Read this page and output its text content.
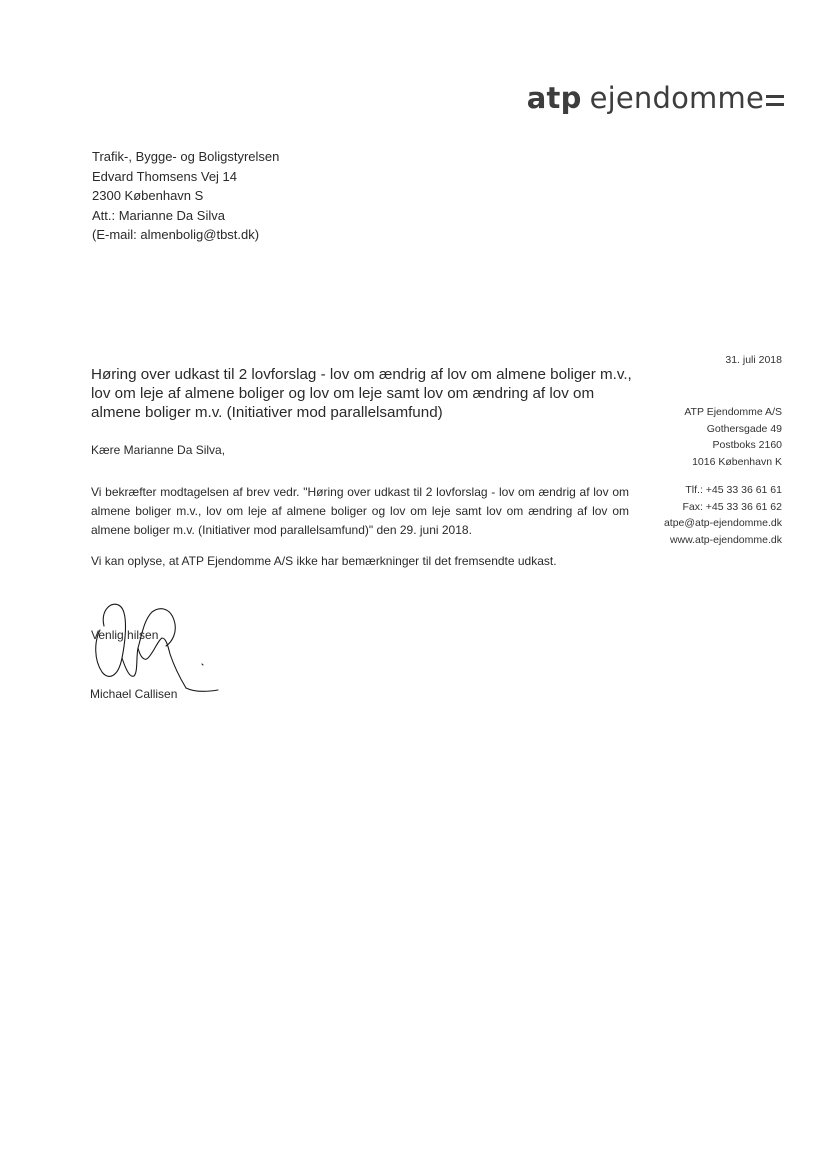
atp ejendomme
Trafik-, Bygge- og Boligstyrelsen
Edvard Thomsens Vej 14
2300 København S
Att.: Marianne Da Silva
(E-mail: almenbolig@tbst.dk)
31. juli 2018
ATP Ejendomme A/S
Gothersgade 49
Postboks 2160
1016 København K
Tlf.: +45 33 36 61 61
Fax: +45 33 36 61 62
atpe@atp-ejendomme.dk
www.atp-ejendomme.dk
Høring over udkast til 2 lovforslag - lov om ændrig af lov om almene boliger m.v., lov om leje af almene boliger og lov om leje samt lov om ændring af lov om almene boliger m.v. (Initiativer mod parallelsamfund)
Kære Marianne Da Silva,
Vi bekræfter modtagelsen af brev vedr. "Høring over udkast til 2 lovforslag - lov om ændrig af lov om almene boliger m.v., lov om leje af almene boliger og lov om leje samt lov om ændring af lov om almene boliger m.v. (Initiativer mod parallelsamfund)" den 29. juni 2018.
Vi kan oplyse, at ATP Ejendomme A/S ikke har bemærkninger til det fremsendte udkast.
Venlig hilsen
Michael Callisen
